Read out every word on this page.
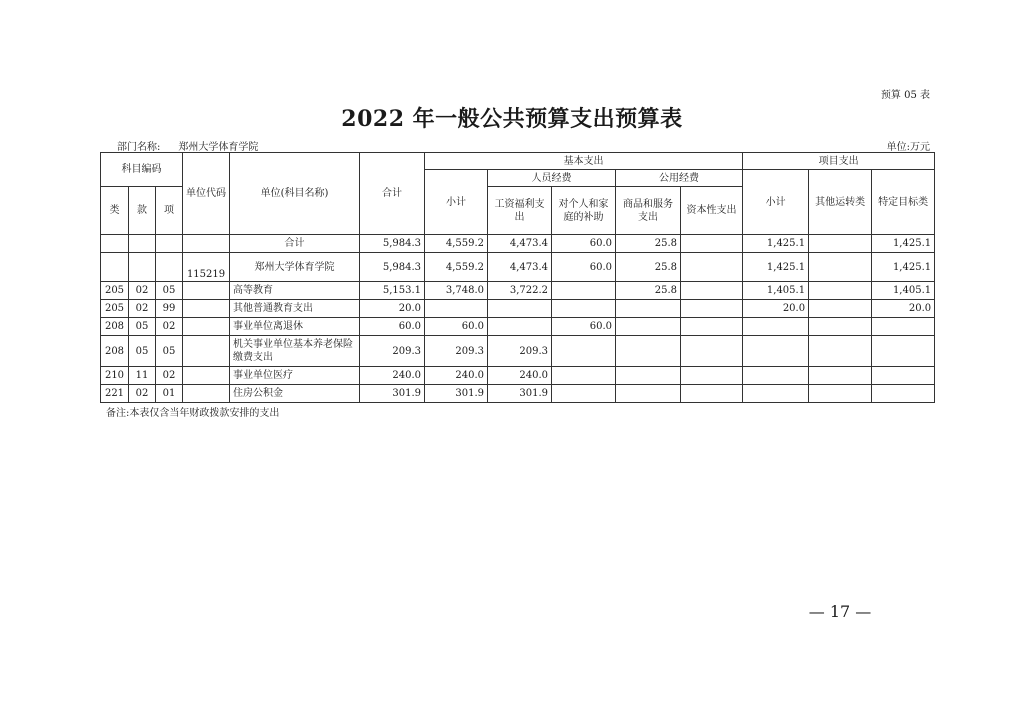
预算 05 表
2022 年一般公共预算支出预算表
部门名称: 郑州大学体育学院	单位:万元
科目编码			单位代码	单位(科目名称)	合计	基本支出					项目支出		
						小计	人员经费		公用经费		小计	其他运转类	特定目标类
类	款	项					工资福利支出	对个人和家庭的补助	商品和服务支出	资本性支出			
				合计	5,984.3	4,559.2	4,473.4	60.0	25.8		1,425.1		1,425.1
			115219	郑州大学体育学院	5,984.3	4,559.2	4,473.4	60.0	25.8		1,425.1		1,425.1
205	02	05		高等教育	5,153.1	3,748.0	3,722.2		25.8		1,405.1		1,405.1
205	02	99		其他普通教育支出	20.0						20.0		20.0
208	05	02		事业单位离退休	60.0	60.0		60.0					
208	05	05		机关事业单位基本养老保险缴费支出	209.3	209.3	209.3						
210	11	02		事业单位医疗	240.0	240.0	240.0						
221	02	01		住房公积金	301.9	301.9	301.9						
备注:本表仅含当年财政拨款安排的支出
— 17 —
